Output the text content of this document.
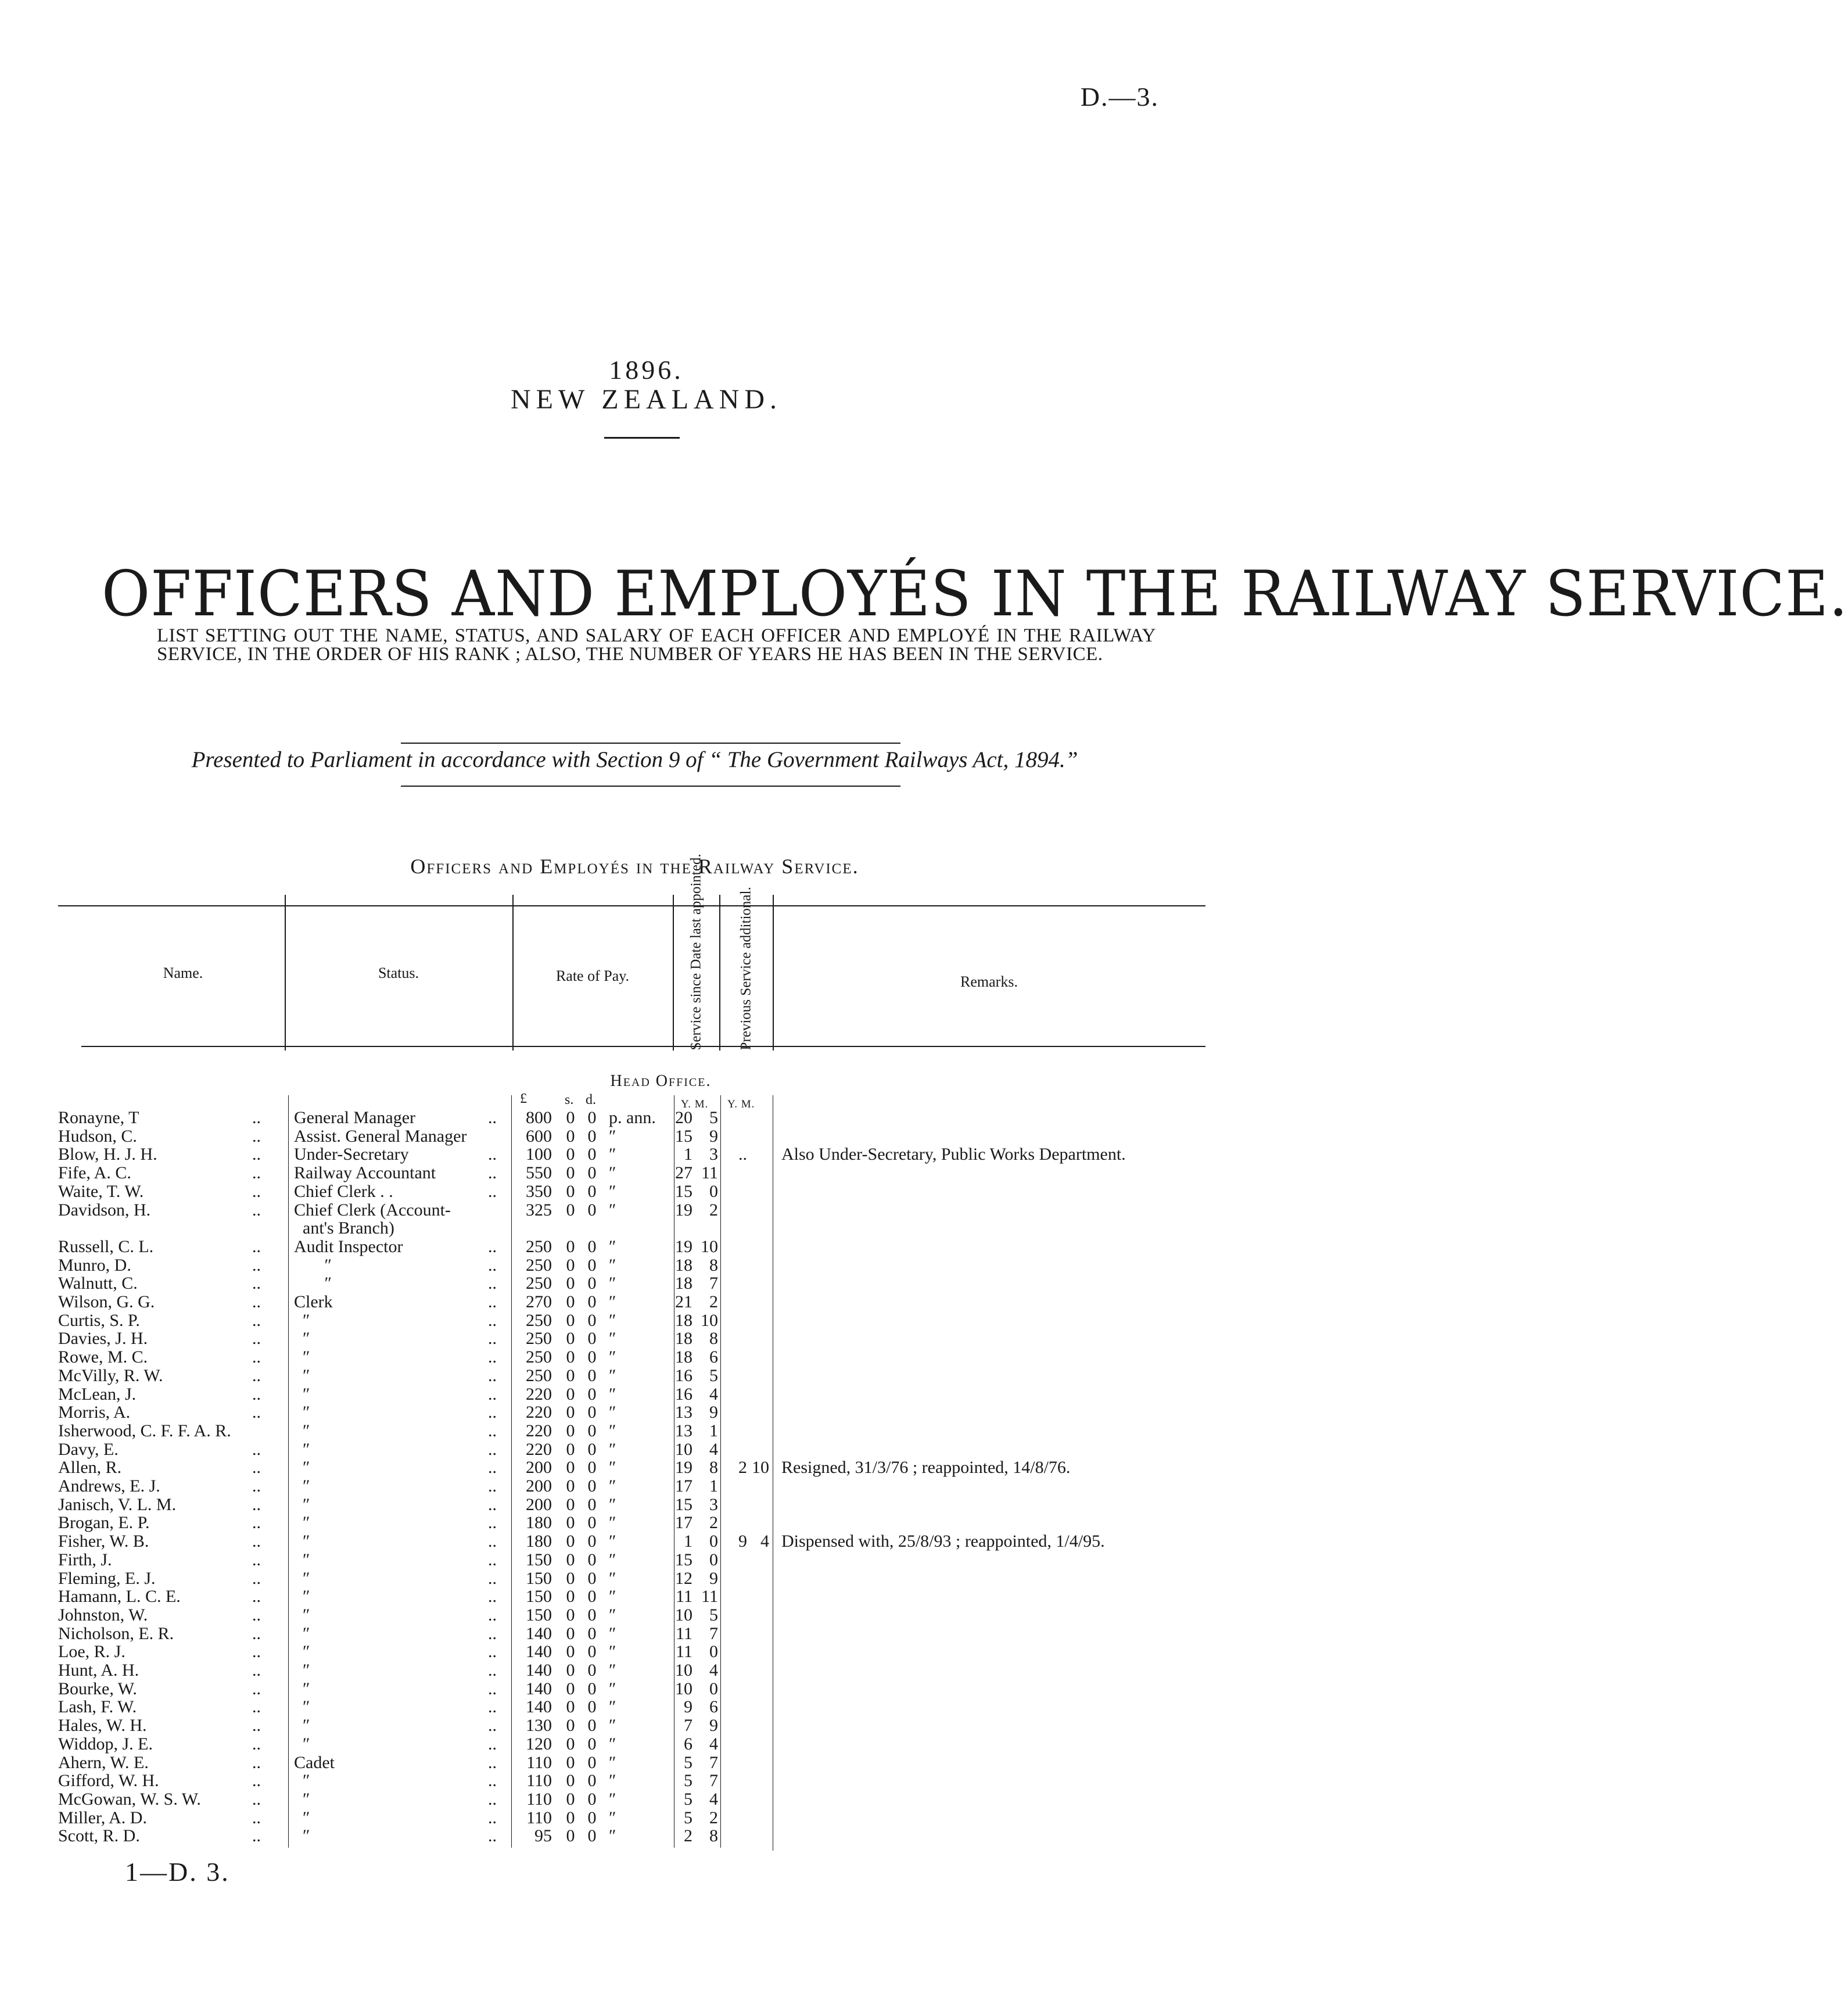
D.—3.
1896.
NEW ZEALAND.
OFFICERS AND EMPLOYÉS IN THE RAILWAY SERVICE.
LIST SETTING OUT THE NAME, STATUS, AND SALARY OF EACH OFFICER AND EMPLOYÉ IN THE RAILWAY SERVICE, IN THE ORDER OF HIS RANK ; ALSO, THE NUMBER OF YEARS HE HAS BEEN IN THE SERVICE.
Presented to Parliament in accordance with Section 9 of “ The Government Railways Act, 1894.”
Officers and Employés in the Railway Service.
Name.	Status.	Rate of Pay.	Service since Date last appointed. Previous Service additional.	Remarks.
Head Office.
£	s. d.	Y. M. Y. M.
Ronayne, T	.. General Manager	..	800 0 0 p. ann.	20 5
Hudson, C.	.. Assist. General Manager	600 0 0 ″	15 9
Blow, H. J. H.	.. Under-Secretary	..	100 0 0 ″	1 3	.. Also Under-Secretary, Public Works Department.
Fife, A. C.	.. Railway Accountant	..	550 0 0 ″	27 11
Waite, T. W.	.. Chief Clerk . .	..	350 0 0 ″	15 0
Davidson, H.	.. Chief Clerk (Account-	325 0 0 ″	19 2
ant's Branch)
Russell, C. L.	.. Audit Inspector	..	250 0 0 ″	19 10
Munro, D.	.. ″	..	250 0 0 ″	18 8
Walnutt, C.	.. ″	..	250 0 0 ″	18 7
Wilson, G. G.	.. Clerk	..	270 0 0 ″	21 2
Curtis, S. P.	.. ″	..	250 0 0 ″	18 10
Davies, J. H.	.. ″	..	250 0 0 ″	18 8
Rowe, M. C.	.. ″	..	250 0 0 ″	18 6
McVilly, R. W.	.. ″	..	250 0 0 ″	16 5
McLean, J.	.. ″	..	220 0 0 ″	16 4
Morris, A.	.. ″	..	220 0 0 ″	13 9
Isherwood, C. F. F. A. R.	″	..	220 0 0 ″	13 1
Davy, E.	.. ″	..	220 0 0 ″	10 4
Allen, R.	.. ″	..	200 0 0 ″	19 8	2 10 Resigned, 31/3/76 ; reappointed, 14/8/76.
Andrews, E. J.	.. ″	..	200 0 0 ″	17 1
Janisch, V. L. M.	.. ″	..	200 0 0 ″	15 3
Brogan, E. P.	.. ″	..	180 0 0 ″	17 2
Fisher, W. B.	.. ″	..	180 0 0 ″	1 0	9 4 Dispensed with, 25/8/93 ; reappointed, 1/4/95.
Firth, J.	.. ″	..	150 0 0 ″	15 0
Fleming, E. J.	.. ″	..	150 0 0 ″	12 9
Hamann, L. C. E.	.. ″	..	150 0 0 ″	11 11
Johnston, W.	.. ″	..	150 0 0 ″	10 5
Nicholson, E. R.	.. ″	..	140 0 0 ″	11 7
Loe, R. J.	.. ″	..	140 0 0 ″	11 0
Hunt, A. H.	.. ″	..	140 0 0 ″	10 4
Bourke, W.	.. ″	..	140 0 0 ″	10 0
Lash, F. W.	.. ″	..	140 0 0 ″	9 6
Hales, W. H.	.. ″	..	130 0 0 ″	7 9
Widdop, J. E.	.. ″	..	120 0 0 ″	6 4
Ahern, W. E.	.. Cadet	..	110 0 0 ″	5 7
Gifford, W. H.	.. ″	..	110 0 0 ″	5 7
McGowan, W. S. W.	.. ″	..	110 0 0 ″	5 4
Miller, A. D.	.. ″	..	110 0 0 ″	5 2
Scott, R. D.	.. ″	..	95 0 0 ″	2 8
1—D. 3.
